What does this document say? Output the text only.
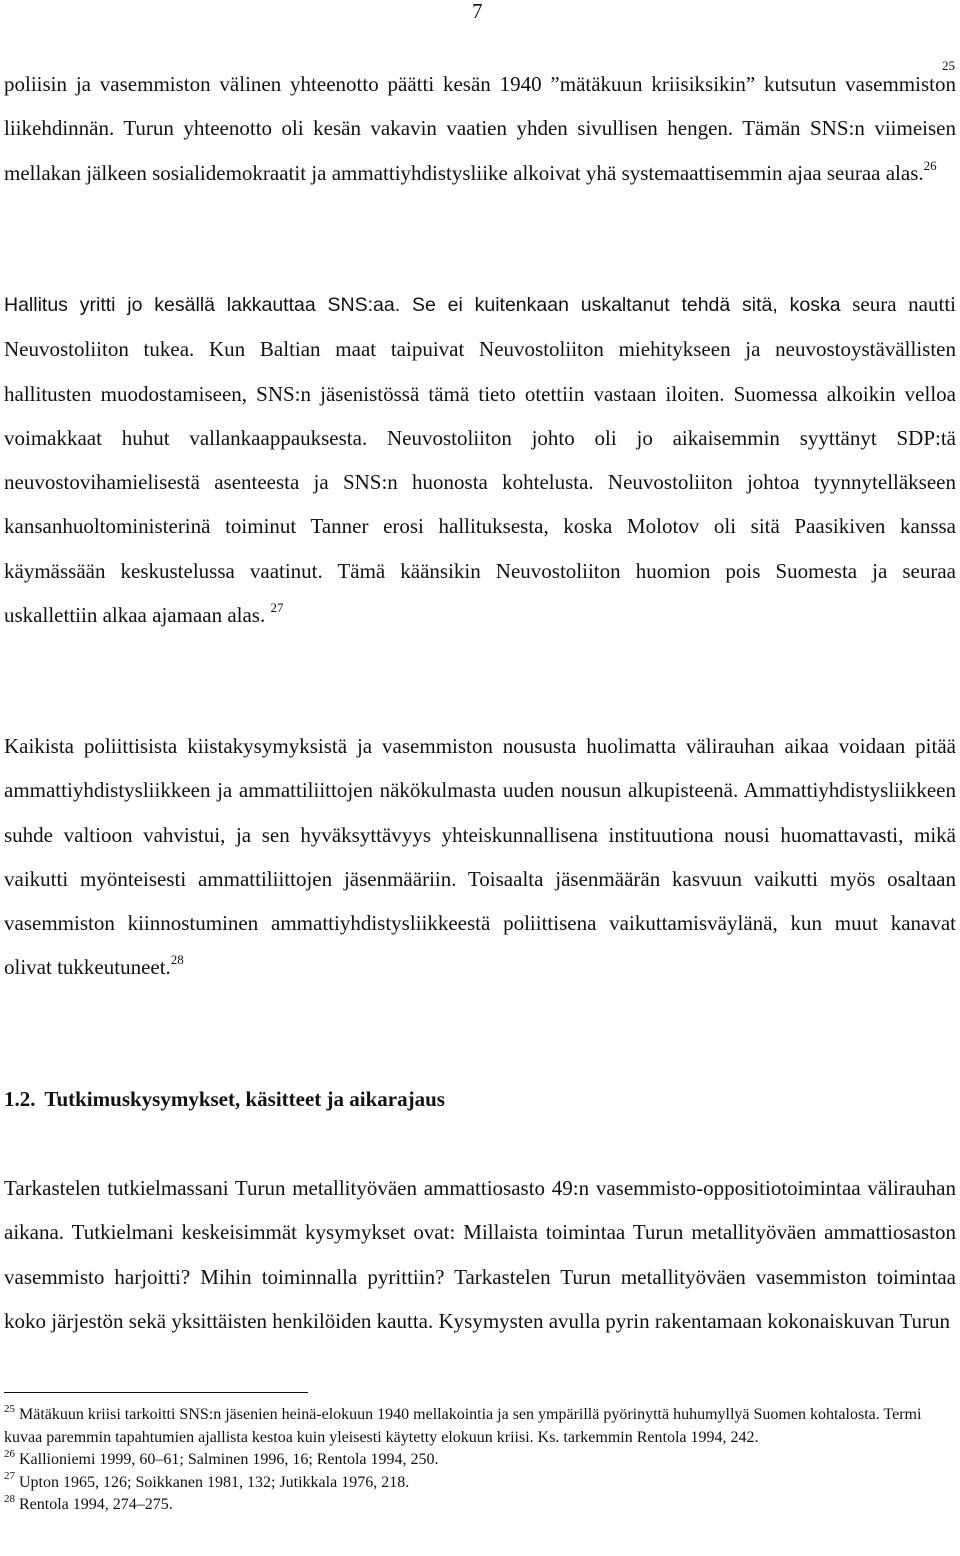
7

poliisin ja vasemmiston välinen yhteenotto päätti kesän 1940 ”mätäkuun kriisiksikin” kutsutun vasemmiston liikehdinnän. Turun yhteenotto oli kesän vakavin vaatien yhden sivullisen hengen. Tämän SNS:n viimeisen mellakan jälkeen sosialidemokraatit ja ammattiyhdistysliike alkoivat yhä systemaattisemmin ajaa seuraa alas.$^{26}$

25

Hallitus yritti jo kesällä lakkauttaa SNS:aa. Se ei kuitenkaan uskaltanut tehdä sitä, koska seura nautti Neuvostoliiton tukea. Kun Baltian maat taipuivat Neuvostoliiton miehitykseen ja neuvostoystävällisten hallitusten muodostamiseen, SNS:n jäsenistössä tämä tieto otettiin vastaan iloiten. Suomessa alkoikin velloa voimakkaat huhut vallankaappauksesta. Neuvostoliiton johto oli jo aikaisemmin syyttänyt SDP:tä neuvostovihamielisestä asenteesta ja SNS:n huonosta kohtelusta. Neuvostoliiton johtoa tyynnytelläkseen kansanhuoltoministerinä toiminut Tanner erosi hallituksesta, koska Molotov oli sitä Paasikiven kanssa käymässään keskustelussa vaatinut. Tämä käänsikin Neuvostoliiton huomion pois Suomesta ja seuraa uskallettiin alkaa ajamaan alas. $^{27}$

Kaikista poliittisista kiistakysymyksistä ja vasemmiston noususta huolimatta välirauhan aikaa voidaan pitää ammattiyhdistysliikkeen ja ammattiliittojen näkökulmasta uuden nousun alkupisteenä. Ammattiyhdistysliikkeen suhde valtioon vahvistui, ja sen hyväksyttävyys yhteiskunnallisena instituutiona nousi huomattavasti, mikä vaikutti myönteisesti ammattiliittojen jäsenmääriin. Toisaalta jäsenmäärän kasvuun vaikutti myös osaltaan vasemmiston kiinnostuminen ammattiyhdistysliikkeestä poliittisena vaikuttamisväylänä, kun muut kanavat olivat tukkeutuneet.$^{28}$

1.2. Tutkimuskysymykset, käsitteet ja aikarajaus

Tarkastelen tutkielmassani Turun metallityöväen ammattiosasto 49:n vasemmisto-oppositiotoimintaa välirauhan aikana. Tutkielmani keskeisimmät kysymykset ovat: Millaista toimintaa Turun metallityöväen ammattiosaston vasemmisto harjoitti? Mihin toiminnalla pyrittiin? Tarkastelen Turun metallityöväen vasemmiston toimintaa koko järjestön sekä yksittäisten henkilöiden kautta. Kysymysten avulla pyrin rakentamaan kokonaiskuvan Turun

$^{25}$ Mätäkuun kriisi tarkoitti SNS:n jäsenien heinä-elokuun 1940 mellakointia ja sen ympärillä pyörinyttä huhumyllyä Suomen kohtalosta. Termi kuvaa paremmin tapahtumien ajallista kestoa kuin yleisesti käytetty elokuun kriisi. Ks. tarkemmin Rentola 1994, 242.

$^{26}$ Kallioniemi 1999, 60–61; Salminen 1996, 16; Rentola 1994, 250.

$^{27}$ Upton 1965, 126; Soikkanen 1981, 132; Jutikkala 1976, 218.

$^{28}$ Rentola 1994, 274–275.
